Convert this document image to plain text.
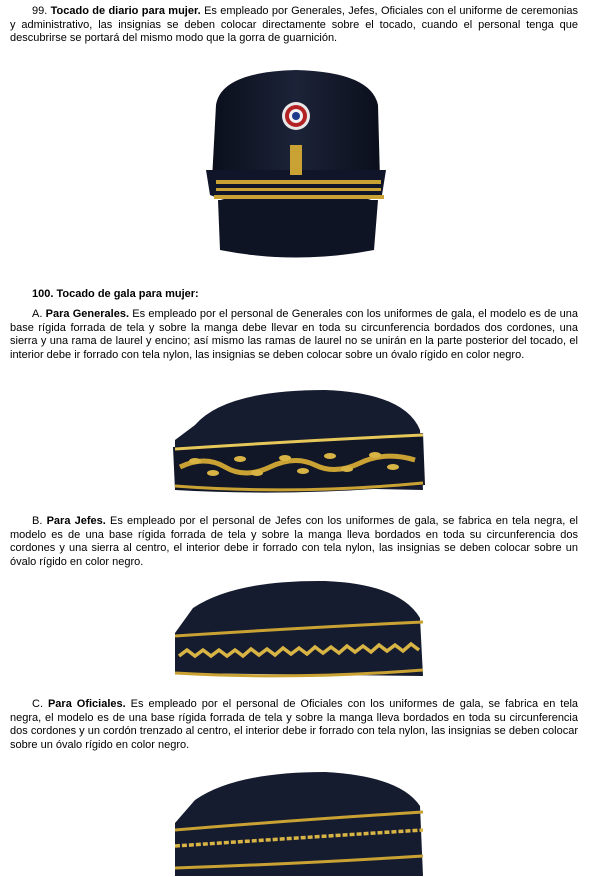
99. Tocado de diario para mujer. Es empleado por Generales, Jefes, Oficiales con el uniforme de ceremonias y administrativo, las insignias se deben colocar directamente sobre el tocado, cuando el personal tenga que descubrirse se portará del mismo modo que la gorra de guarnición.

100. Tocado de gala para mujer:

A. Para Generales. Es empleado por el personal de Generales con los uniformes de gala, el modelo es de una base rígida forrada de tela y sobre la manga debe llevar en toda su circunferencia bordados dos cordones, una sierra y una rama de laurel y encino; así mismo las ramas de laurel no se unirán en la parte posterior del tocado, el interior debe ir forrado con tela nylon, las insignias se deben colocar sobre un óvalo rígido en color negro.

B. Para Jefes. Es empleado por el personal de Jefes con los uniformes de gala, se fabrica en tela negra, el modelo es de una base rígida forrada de tela y sobre la manga lleva bordados en toda su circunferencia dos cordones y una sierra al centro, el interior debe ir forrado con tela nylon, las insignias se deben colocar sobre un óvalo rígido en color negro.

C. Para Oficiales. Es empleado por el personal de Oficiales con los uniformes de gala, se fabrica en tela negra, el modelo es de una base rígida forrada de tela y sobre la manga lleva bordados en toda su circunferencia dos cordones y un cordón trenzado al centro, el interior debe ir forrado con tela nylon, las insignias se deben colocar sobre un óvalo rígido en color negro.
